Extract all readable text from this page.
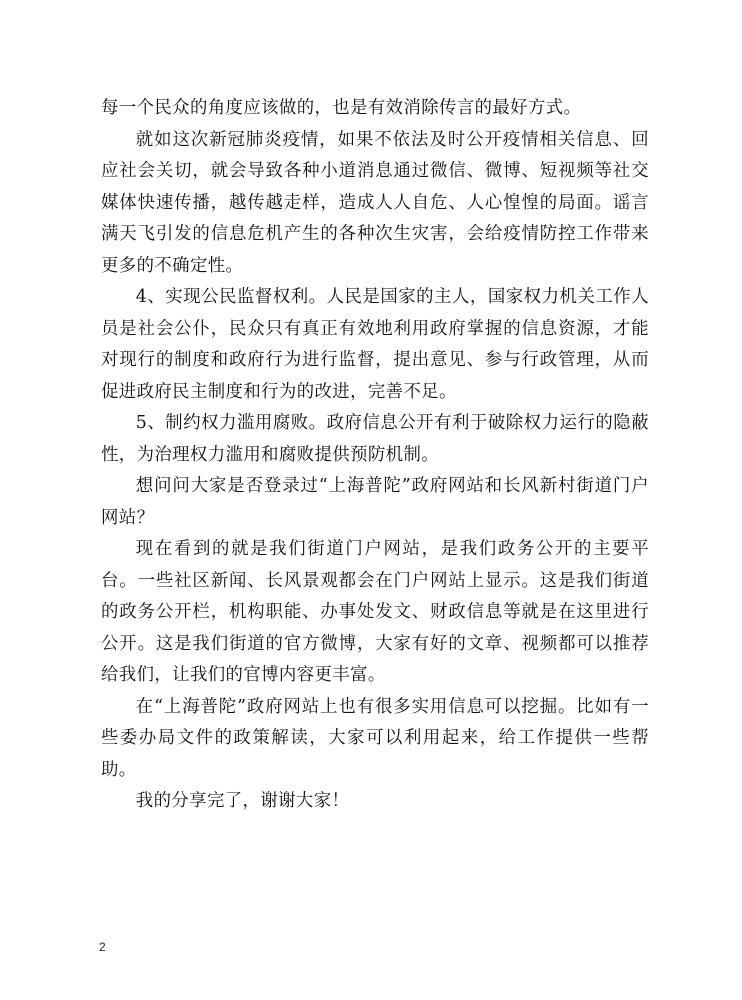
每一个民众的角度应该做的，也是有效消除传言的最好方式。

就如这次新冠肺炎疫情，如果不依法及时公开疫情相关信息、回应社会关切，就会导致各种小道消息通过微信、微博、短视频等社交媒体快速传播，越传越走样，造成人人自危、人心惶惶的局面。谣言满天飞引发的信息危机产生的各种次生灾害，会给疫情防控工作带来更多的不确定性。

4、实现公民监督权利。人民是国家的主人，国家权力机关工作人员是社会公仆，民众只有真正有效地利用政府掌握的信息资源，才能对现行的制度和政府行为进行监督，提出意见、参与行政管理，从而促进政府民主制度和行为的改进，完善不足。

5、制约权力滥用腐败。政府信息公开有利于破除权力运行的隐蔽性，为治理权力滥用和腐败提供预防机制。

想问问大家是否登录过“上海普陀”政府网站和长风新村街道门户网站？

现在看到的就是我们街道门户网站，是我们政务公开的主要平台。一些社区新闻、长风景观都会在门户网站上显示。这是我们街道的政务公开栏，机构职能、办事处发文、财政信息等就是在这里进行公开。这是我们街道的官方微博，大家有好的文章、视频都可以推荐给我们，让我们的官博内容更丰富。

在“上海普陀”政府网站上也有很多实用信息可以挖掘。比如有一些委办局文件的政策解读，大家可以利用起来，给工作提供一些帮助。

我的分享完了，谢谢大家！

2
